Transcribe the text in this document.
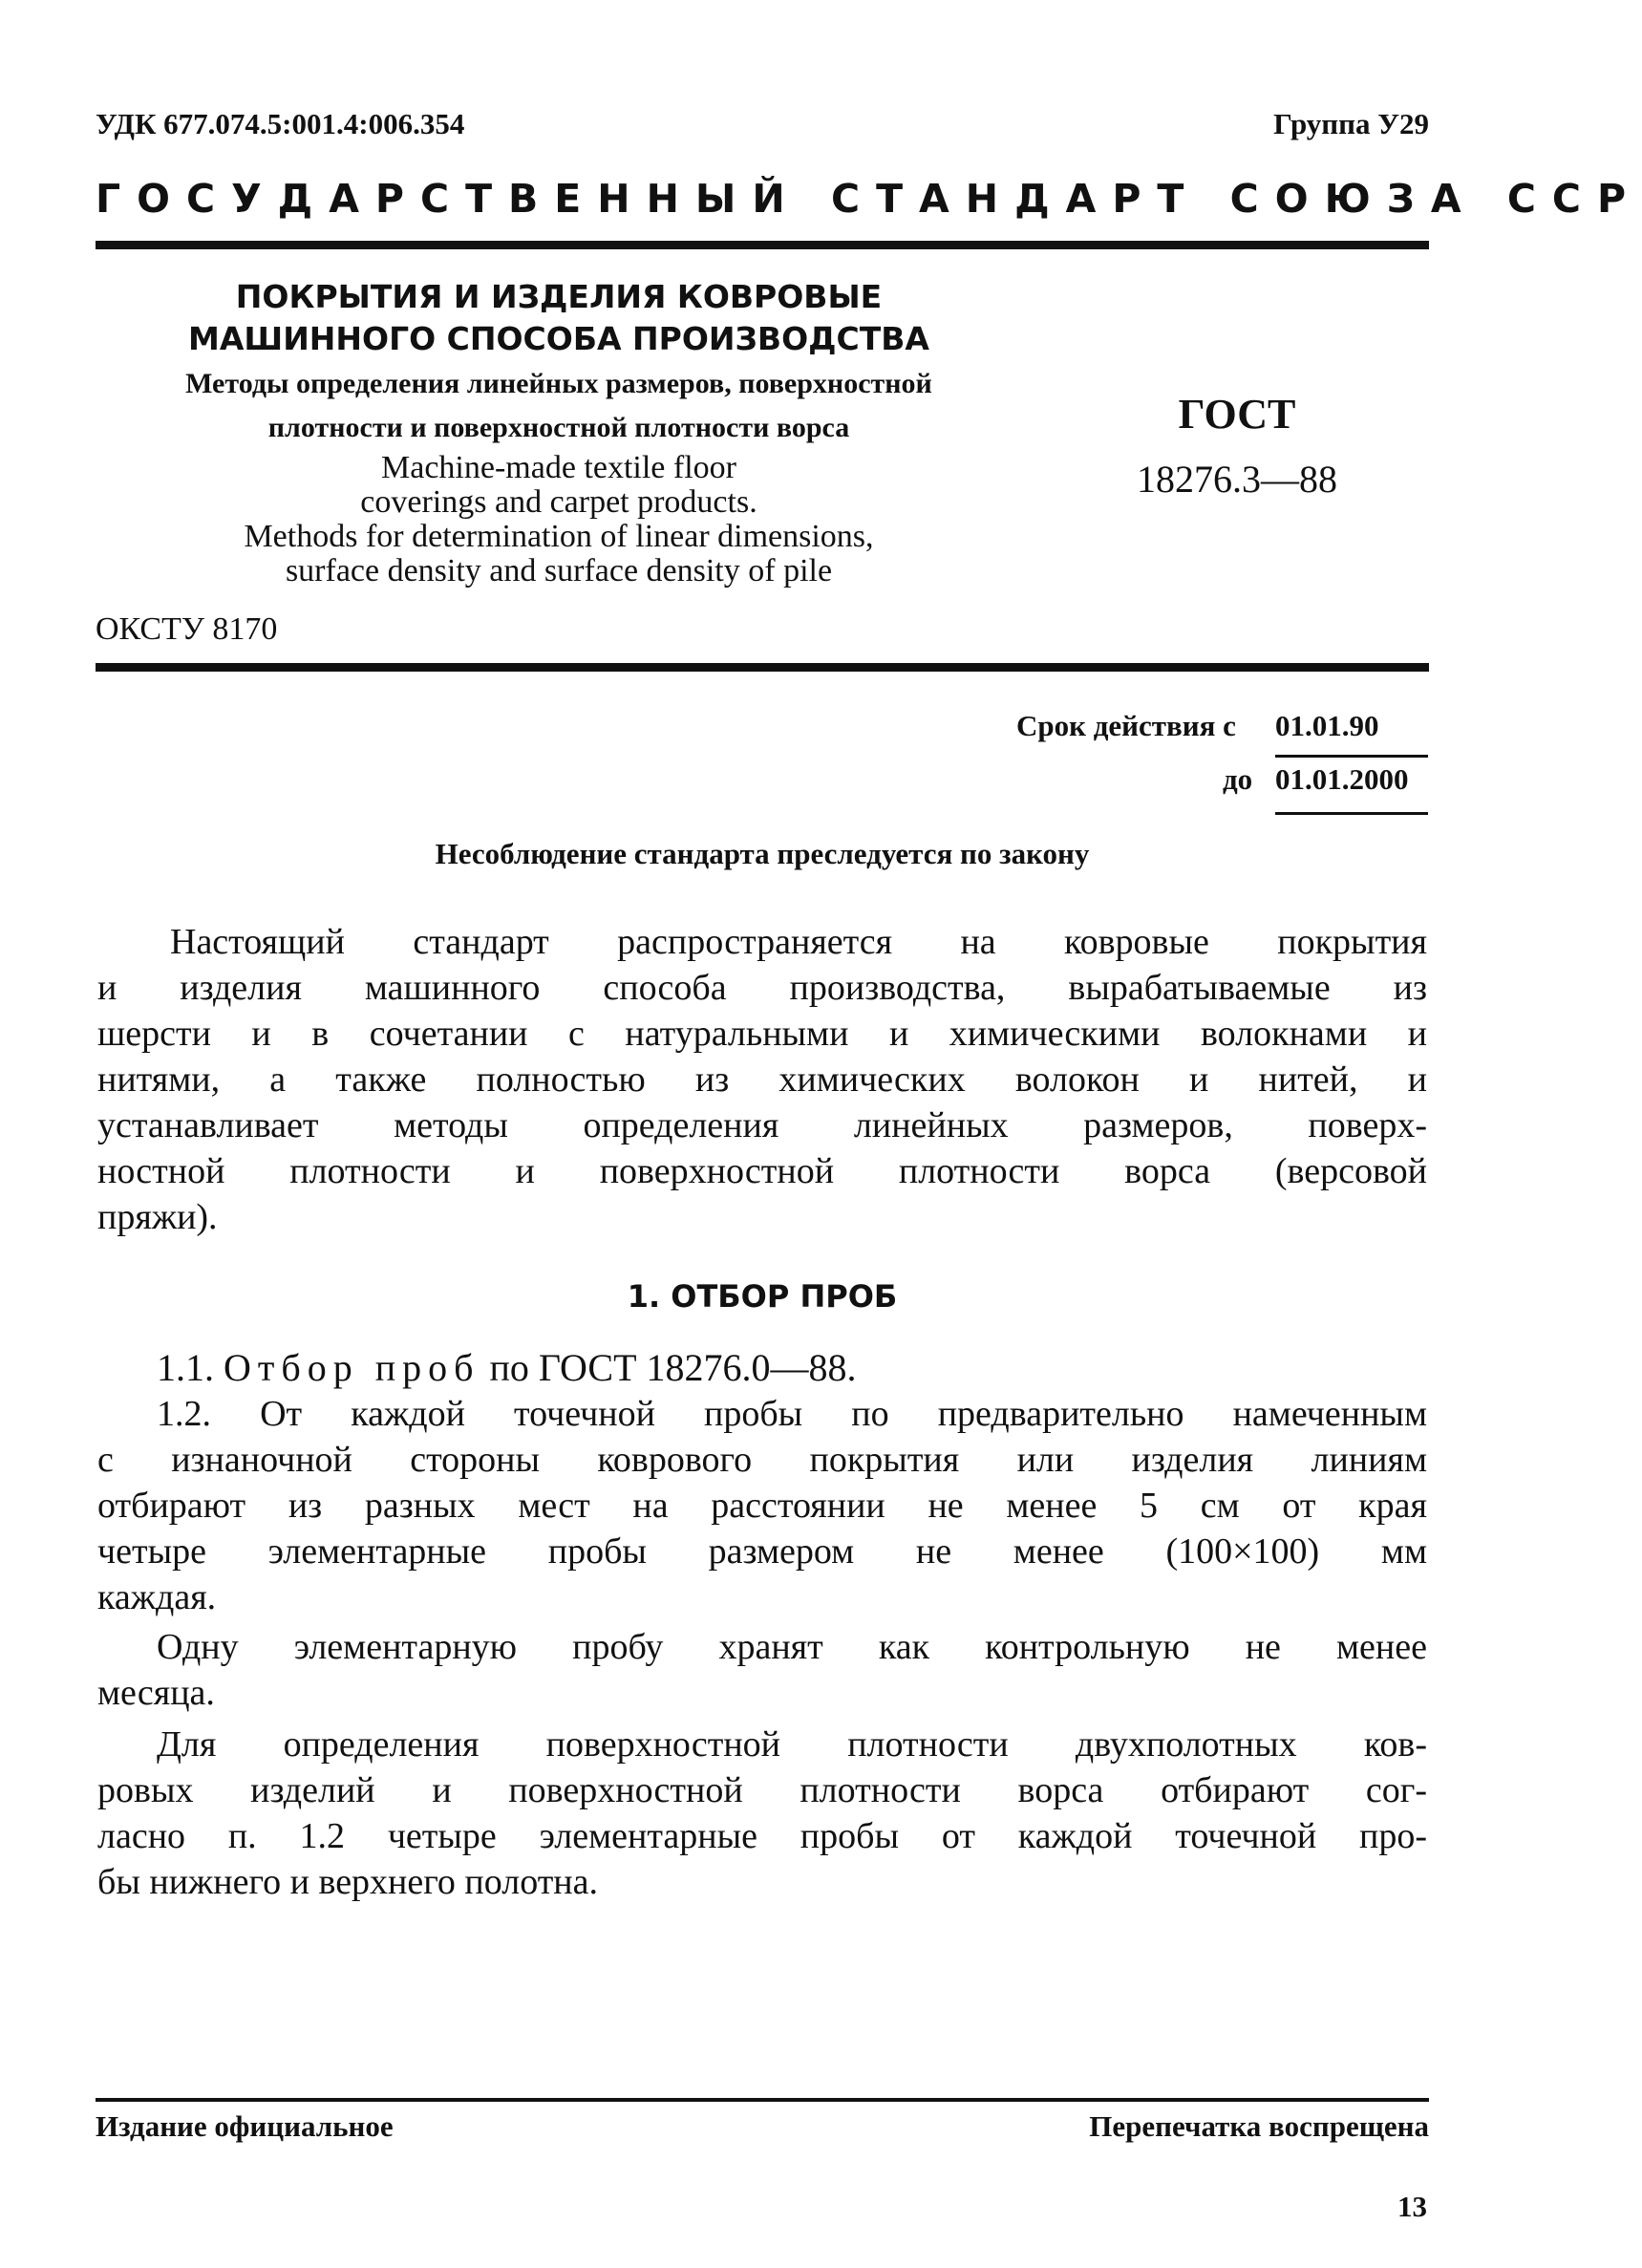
УДК 677.074.5:001.4:006.354	Группа У29
ГОСУДАРСТВЕННЫЙ СТАНДАРТ СОЮЗА ССР
ПОКРЫТИЯ И ИЗДЕЛИЯ КОВРОВЫЕ
МАШИННОГО СПОСОБА ПРОИЗВОДСТВА
Методы определения линейных размеров, поверхностной
плотности и поверхностной плотности ворса
Machine-made textile floor
coverings and carpet products.
Methods for determination of linear dimensions,
surface density and surface density of pile
ГОСТ
18276.3—88
ОКСТУ 8170
Срок действия с 01.01.90
до 01.01.2000
Несоблюдение стандарта преследуется по закону
Настоящий стандарт распространяется на ковровые покрытия
и изделия машинного способа производства, вырабатываемые из
шерсти и в сочетании с натуральными и химическими волокнами и
нитями, а также полностью из химических волокон и нитей, и
устанавливает методы определения линейных размеров, поверх-
ностной плотности и поверхностной плотности ворса (версовой
пряжи).
1. ОТБОР ПРОБ
1.1. Отбор проб по ГОСТ 18276.0—88.
1.2. От каждой точечной пробы по предварительно намеченным
с изнаночной стороны коврового покрытия или изделия линиям
отбирают из разных мест на расстоянии не менее 5 см от края
четыре элементарные пробы размером не менее (100×100) мм
каждая.
Одну элементарную пробу хранят как контрольную не менее
месяца.
Для определения поверхностной плотности двухполотных ков-
ровых изделий и поверхностной плотности ворса отбирают сог-
ласно п. 1.2 четыре элементарные пробы от каждой точечной про-
бы нижнего и верхнего полотна.
Издание официальное	Перепечатка воспрещена
13
